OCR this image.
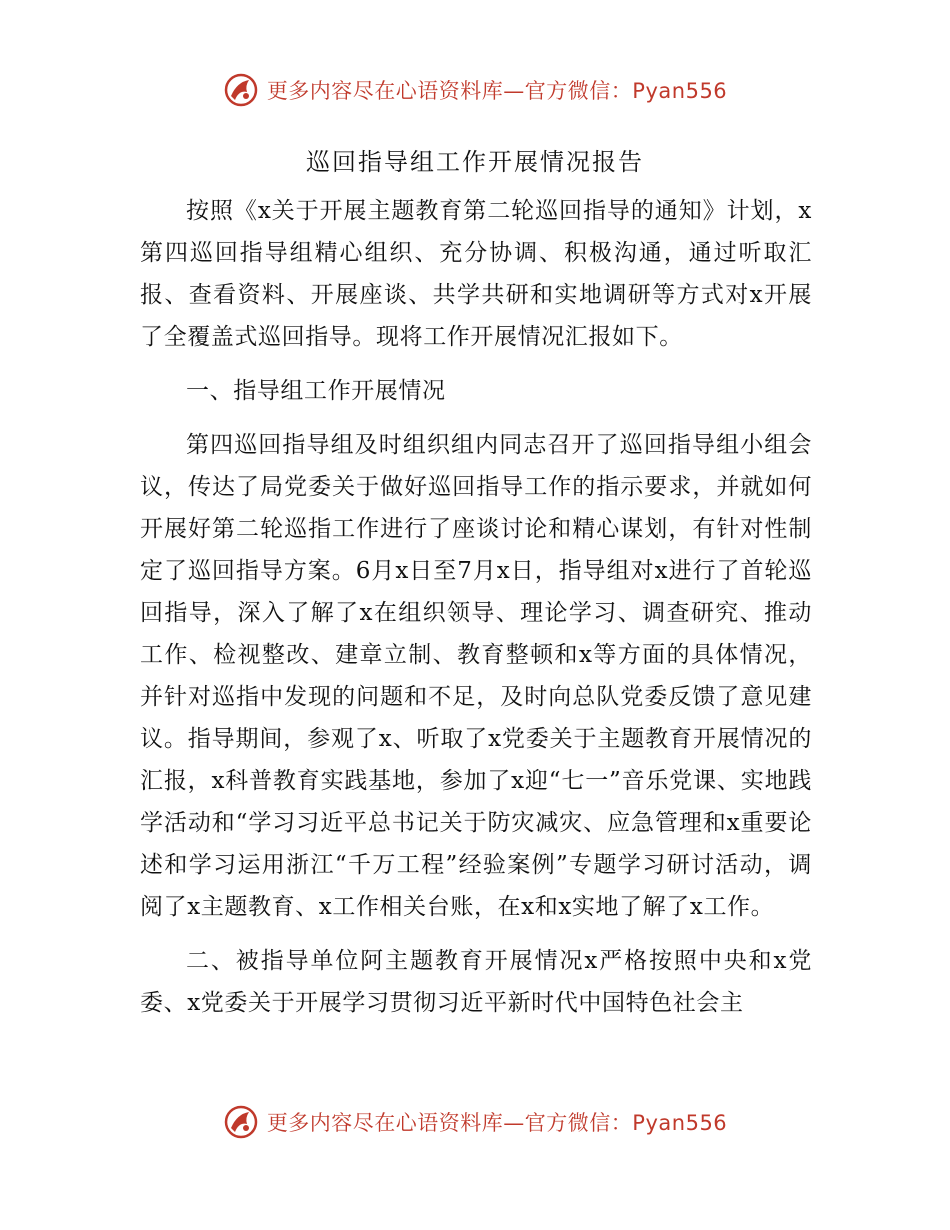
更多内容尽在心语资料库—官方微信：Pyan556
巡回指导组工作开展情况报告

按照《x关于开展主题教育第二轮巡回指导的通知》计划，x第四巡回指导组精心组织、充分协调、积极沟通，通过听取汇报、查看资料、开展座谈、共学共研和实地调研等方式对x开展了全覆盖式巡回指导。现将工作开展情况汇报如下。

一、指导组工作开展情况

第四巡回指导组及时组织组内同志召开了巡回指导组小组会议，传达了局党委关于做好巡回指导工作的指示要求，并就如何开展好第二轮巡指工作进行了座谈讨论和精心谋划，有针对性制定了巡回指导方案。6月x日至7月x日，指导组对x进行了首轮巡回指导，深入了解了x在组织领导、理论学习、调查研究、推动工作、检视整改、建章立制、教育整顿和x等方面的具体情况，并针对巡指中发现的问题和不足，及时向总队党委反馈了意见建议。指导期间，参观了x、听取了x党委关于主题教育开展情况的汇报，x科普教育实践基地，参加了x迎“七一”音乐党课、实地践学活动和“学习习近平总书记关于防灾减灾、应急管理和x重要论述和学习运用浙江“千万工程”经验案例”专题学习研讨活动，调阅了x主题教育、x工作相关台账，在x和x实地了解了x工作。

二、被指导单位阿主题教育开展情况x严格按照中央和x党委、x党委关于开展学习贯彻习近平新时代中国特色社会主

更多内容尽在心语资料库—官方微信：Pyan556
